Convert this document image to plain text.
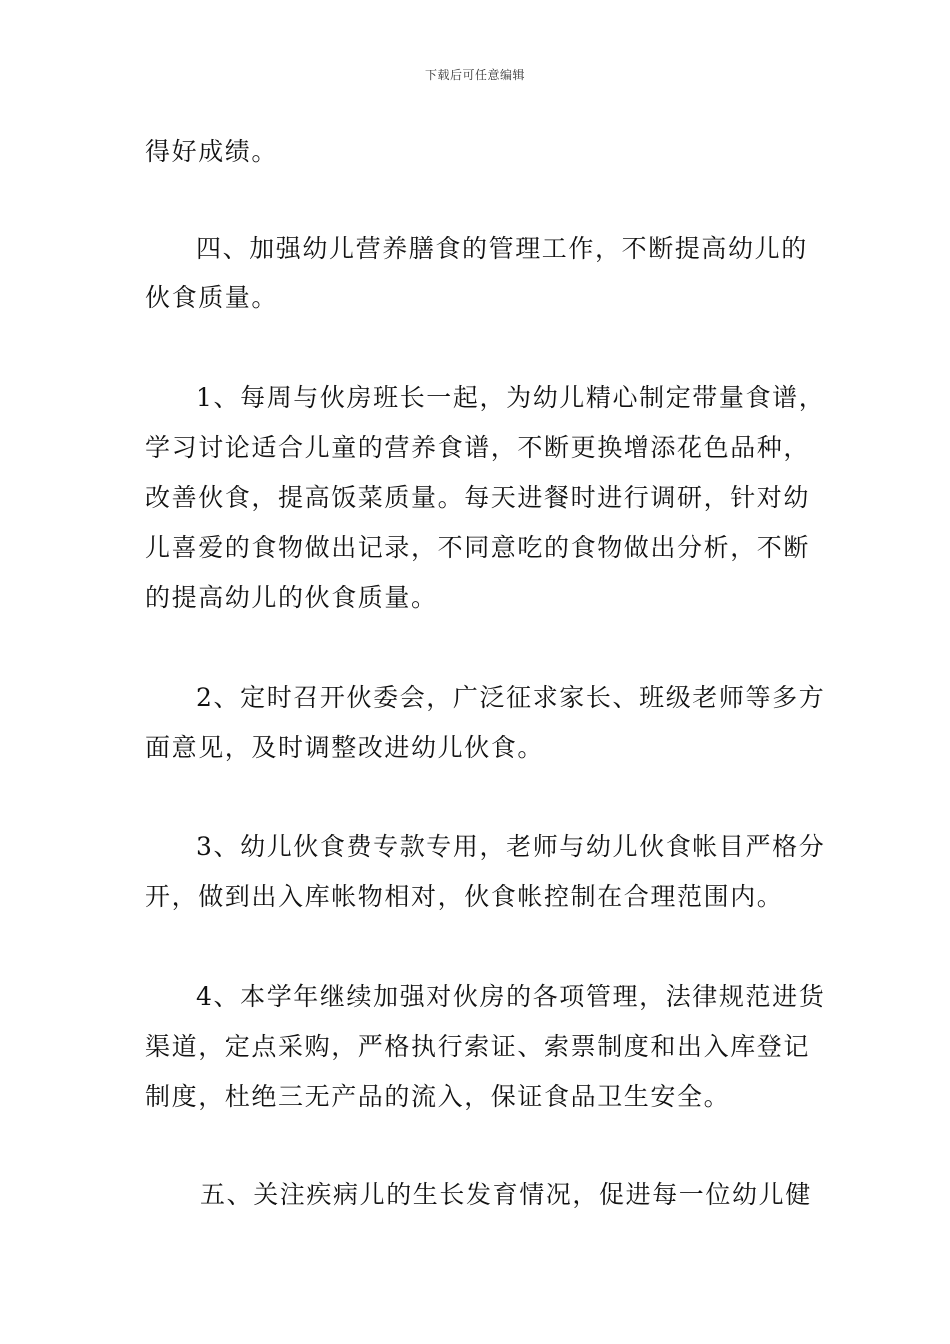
下载后可任意编辑
得好成绩。
四、加强幼儿营养膳食的管理工作，不断提高幼儿的
伙食质量。
1、每周与伙房班长一起，为幼儿精心制定带量食谱，
学习讨论适合儿童的营养食谱，不断更换增添花色品种，
改善伙食，提高饭菜质量。每天进餐时进行调研，针对幼
儿喜爱的食物做出记录，不同意吃的食物做出分析，不断
的提高幼儿的伙食质量。
2、定时召开伙委会，广泛征求家长、班级老师等多方
面意见，及时调整改进幼儿伙食。
3、幼儿伙食费专款专用，老师与幼儿伙食帐目严格分
开，做到出入库帐物相对，伙食帐控制在合理范围内。
4、本学年继续加强对伙房的各项管理，法律规范进货
渠道，定点采购，严格执行索证、索票制度和出入库登记
制度，杜绝三无产品的流入，保证食品卫生安全。
五、关注疾病儿的生长发育情况，促进每一位幼儿健
